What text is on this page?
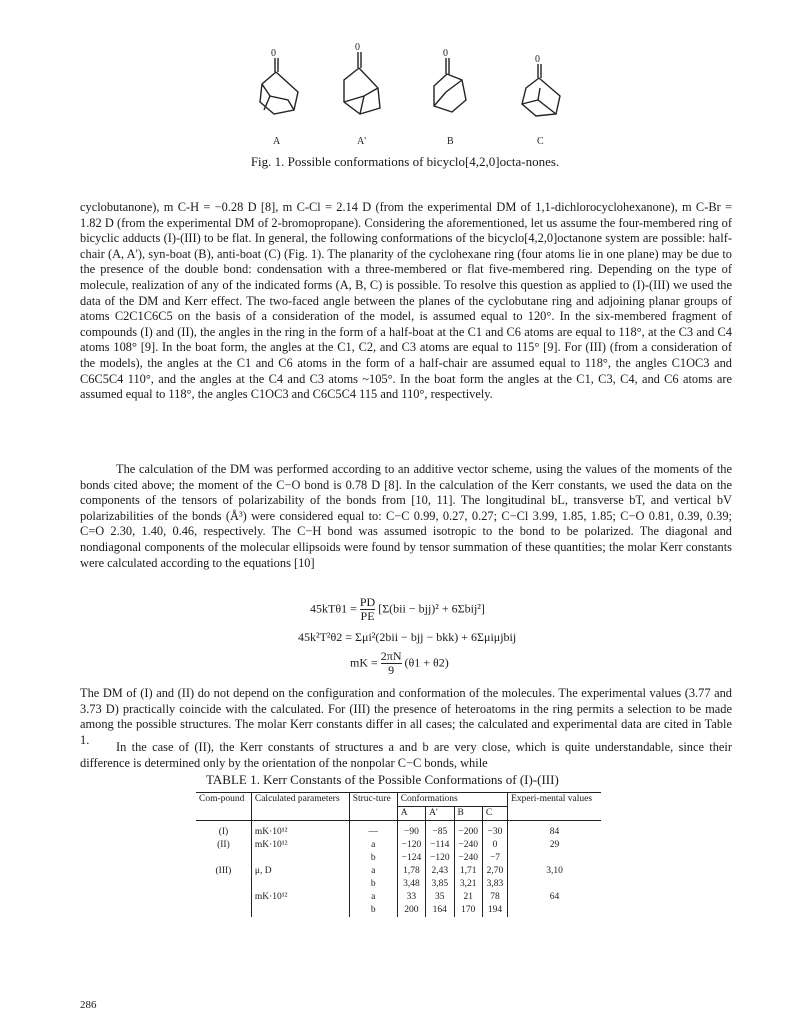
0
0
0
0
A	A'	B	C
Fig. 1. Possible conformations of bicyclo[4,2,0]octa-nones.

cyclobutanone), m C-H = −0.28 D [8], m C-Cl = 2.14 D (from the experimental DM of 1,1-dichlorocyclohexanone), m C-Br = 1.82 D (from the experimental DM of 2-bromopropane). Considering the aforementioned, let us assume the four-membered ring of bicyclic adducts (I)-(III) to be flat. In general, the following conformations of the bicyclo[4,2,0]octanone system are possible: half-chair (A, A'), syn-boat (B), anti-boat (C) (Fig. 1). The planarity of the cyclohexane ring (four atoms lie in one plane) may be due to the presence of the double bond: condensation with a three-membered or flat five-membered ring. Depending on the type of molecule, realization of any of the indicated forms (A, B, C) is possible. To resolve this question as applied to (I)-(III) we used the data of the DM and Kerr effect. The two-faced angle between the planes of the cyclobutane ring and adjoining planar groups of atoms C2C1C6C5 on the basis of a consideration of the model, is assumed equal to 120°. In the six-membered fragment of compounds (I) and (II), the angles in the ring in the form of a half-boat at the C1 and C6 atoms are equal to 118°, at the C3 and C4 atoms 108° [9]. In the boat form, the angles at the C1, C2, and C3 atoms are equal to 115° [9]. For (III) (from a consideration of the models), the angles at the C1 and C6 atoms in the form of a half-chair are assumed equal to 118°, the angles C1OC3 and C6C5C4 110°, and the angles at the C4 and C3 atoms ~105°. In the boat form the angles at the C1, C3, C4, and C6 atoms are assumed equal to 118°, the angles C1OC3 and C6C5C4 115 and 110°, respectively.

The calculation of the DM was performed according to an additive vector scheme, using the values of the moments of the bonds cited above; the moment of the C−O bond is 0.78 D [8]. In the calculation of the Kerr constants, we used the data on the components of the tensors of polarizability of the bonds from [10, 11]. The longitudinal bL, transverse bT, and vertical bV polarizabilities of the bonds (Å³) were considered equal to: C−C 0.99, 0.27, 0.27; C−Cl 3.99, 1.85, 1.85; C−O 0.81, 0.39, 0.39; C=O 2.30, 1.40, 0.46, respectively. The C−H bond was assumed isotropic to the bond to be polarized. The diagonal and nondiagonal components of the molecular ellipsoids were found by tensor summation of these quantities; the molar Kerr constants were calculated according to the equations [10]

$45kT\theta 1 = \frac{PD}{PE} [\Sigma(bii - bjj)^2 + 6\Sigma bij^2]$
45k²T²θ2 = Σμi²(2bii − bjj − bkk) + 6Σμiμjbij
mK = $\frac{2\pi N}{9} (\theta 1 + \theta 2)$

The DM of (I) and (II) do not depend on the configuration and conformation of the molecules. The experimental values (3.77 and 3.73 D) practically coincide with the calculated. For (III) the presence of heteroatoms in the ring permits a selection to be made among the possible structures. The molar Kerr constants differ in all cases; the calculated and experimental data are cited in Table 1.

In the case of (II), the Kerr constants of structures a and b are very close, which is quite understandable, since their difference is determined only by the orientation of the nonpolar C−C bonds, while

TABLE 1. Kerr Constants of the Possible Conformations of (I)-(III)
Com-pound	Calculated parameters	Struc-ture	Conformations				Experi-mental values
			A	A'	B	C	
(I)	mK·10¹²	—	−90	−85	−200	−30	84
(II)	mK·10¹²	a	−120	−114	−240	0	29
		b	−124	−120	−240	−7	
(III)	μ, D	a	1,78	2,43	1,71	2,70	3,10
		b	3,48	3,85	3,21	3,83	
	mK·10¹²	a	33	35	21	78	64
		b	200	164	170	194	
286
